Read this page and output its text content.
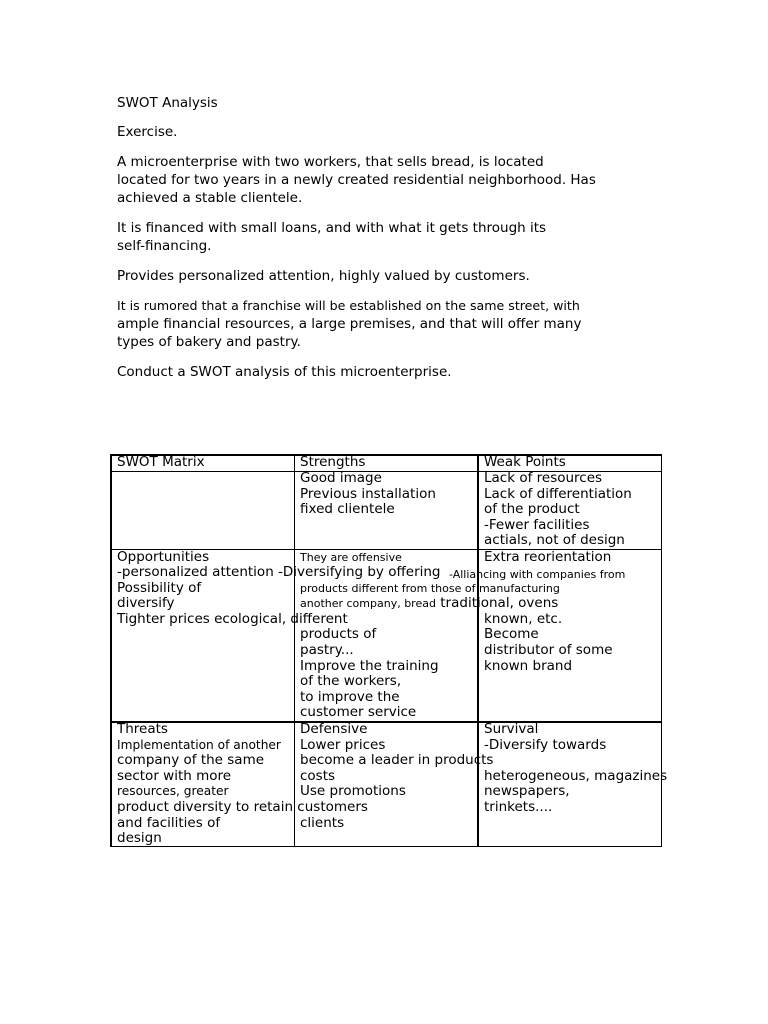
SWOT Analysis

Exercise.

A microenterprise with two workers, that sells bread, is located
located for two years in a newly created residential neighborhood. Has
achieved a stable clientele.

It is financed with small loans, and with what it gets through its
self-financing.

Provides personalized attention, highly valued by customers.

It is rumored that a franchise will be established on the same street, with
ample financial resources, a large premises, and that will offer many
types of bakery and pastry.

Conduct a SWOT analysis of this microenterprise.

SWOT Matrix	Strengths	Weak Points
Good image
Previous installation
fixed clientele
Lack of resources
Lack of differentiation
of the product
-Fewer facilities
actials, not of design
Opportunities
-personalized attention -Diversifying by offering
Possibility of
diversify
Tighter prices ecological, different
They are offensive
products different from those of manufacturing
another company, bread traditional, ovens
products of
pastry...
Improve the training
of the workers,
to improve the
customer service
-Alliancing with companies from
Extra reorientation
known, etc.
Become
distributor of some
known brand
Threats
Implementation of another
company of the same
sector with more
resources, greater
product diversity to retain customers
and facilities of
design
Defensive
Lower prices
become a leader in products
costs
Use promotions
clients
Survival
-Diversify towards
heterogeneous, magazines
newspapers,
trinkets....
